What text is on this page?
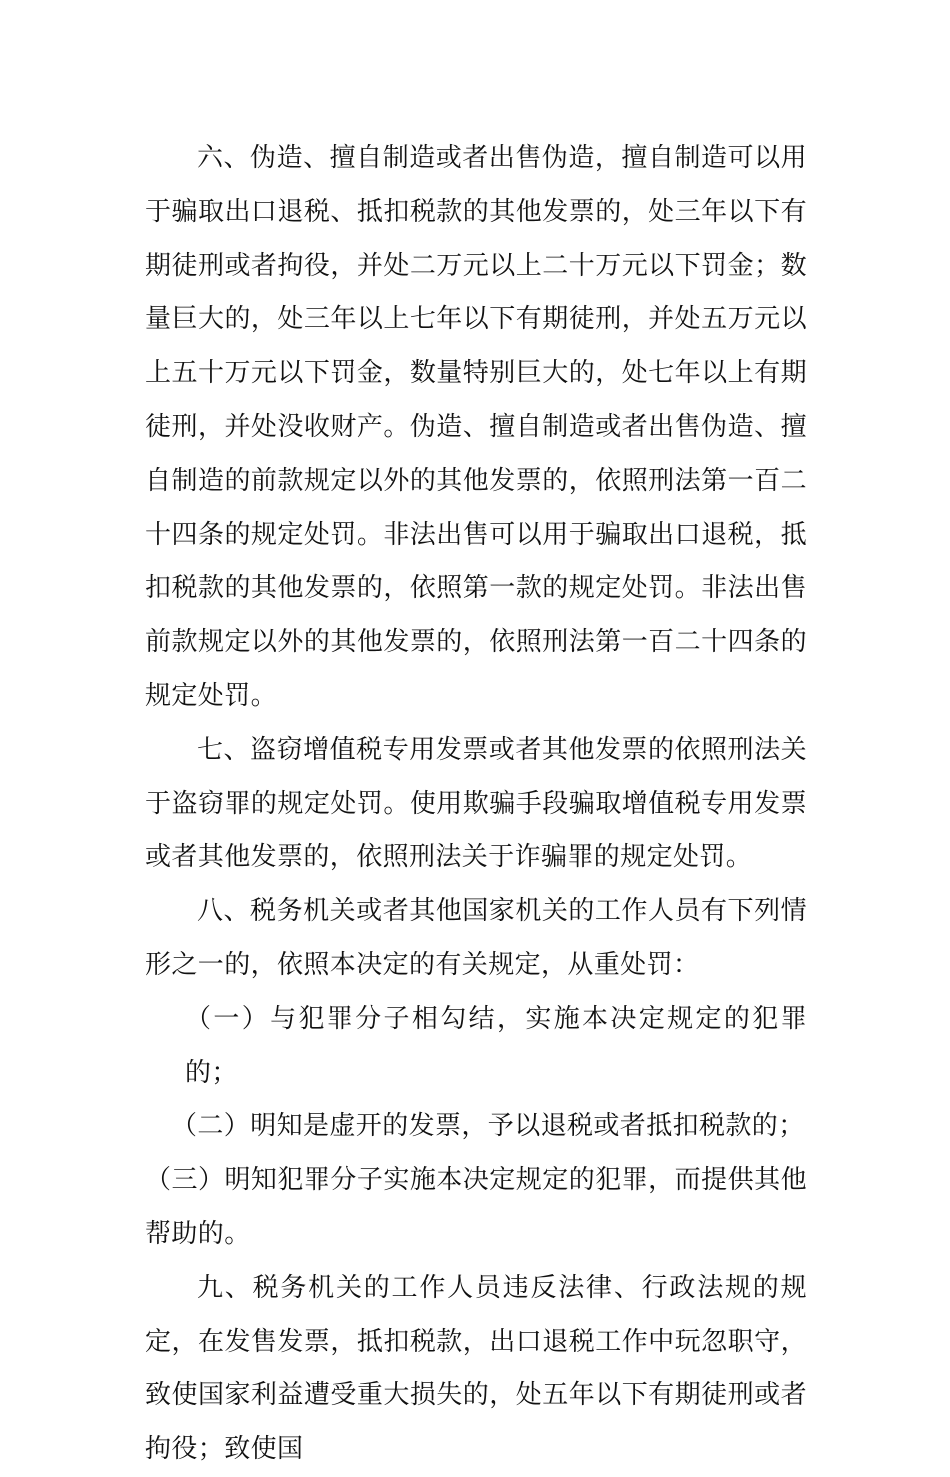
六、伪造、擅自制造或者出售伪造，擅自制造可以用于骗取出口退税、抵扣税款的其他发票的，处三年以下有期徒刑或者拘役，并处二万元以上二十万元以下罚金；数量巨大的，处三年以上七年以下有期徒刑，并处五万元以上五十万元以下罚金，数量特别巨大的，处七年以上有期徒刑，并处没收财产。伪造、擅自制造或者出售伪造、擅自制造的前款规定以外的其他发票的，依照刑法第一百二十四条的规定处罚。非法出售可以用于骗取出口退税，抵扣税款的其他发票的，依照第一款的规定处罚。非法出售前款规定以外的其他发票的，依照刑法第一百二十四条的规定处罚。

七、盗窃增值税专用发票或者其他发票的依照刑法关于盗窃罪的规定处罚。使用欺骗手段骗取增值税专用发票或者其他发票的，依照刑法关于诈骗罪的规定处罚。

八、税务机关或者其他国家机关的工作人员有下列情形之一的，依照本决定的有关规定，从重处罚：

（一）与犯罪分子相勾结，实施本决定规定的犯罪的；

（二）明知是虚开的发票，予以退税或者抵扣税款的；

（三）明知犯罪分子实施本决定规定的犯罪，而提供其他帮助的。

九、税务机关的工作人员违反法律、行政法规的规定，在发售发票，抵扣税款，出口退税工作中玩忽职守，致使国家利益遭受重大损失的，处五年以下有期徒刑或者拘役；致使国
